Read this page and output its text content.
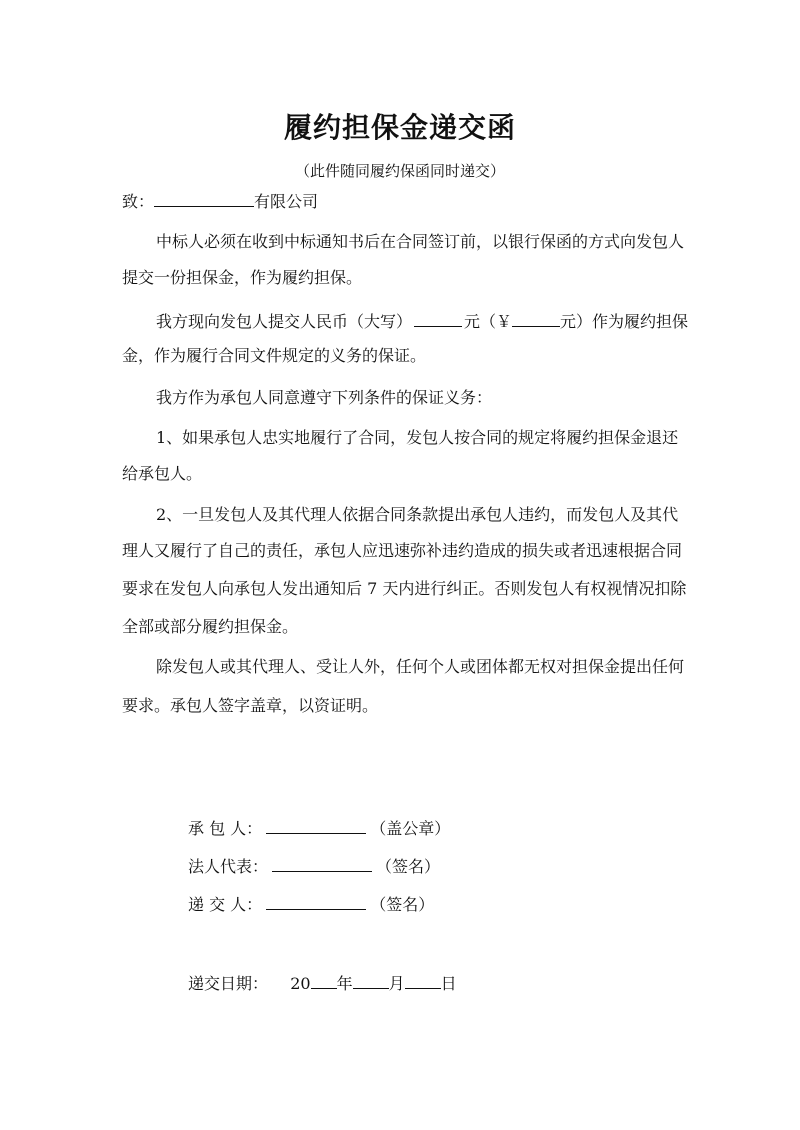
履约担保金递交函
（此件随同履约保函同时递交）
致：	有限公司
中标人必须在收到中标通知书后在合同签订前，以银行保函的方式向发包人
提交一份担保金，作为履约担保。
我方现向发包人提交人民币（大写）	元（￥	元）作为履约担保
金，作为履行合同文件规定的义务的保证。
我方作为承包人同意遵守下列条件的保证义务：
1、如果承包人忠实地履行了合同，发包人按合同的规定将履约担保金退还
给承包人。
2、一旦发包人及其代理人依据合同条款提出承包人违约，而发包人及其代
理人又履行了自己的责任，承包人应迅速弥补违约造成的损失或者迅速根据合同
要求在发包人向承包人发出通知后 7 天内进行纠正。否则发包人有权视情况扣除
全部或部分履约担保金。
除发包人或其代理人、受让人外，任何个人或团体都无权对担保金提出任何
要求。承包人签字盖章，以资证明。
承 包 人：	（盖公章）
法人代表：	（签名）
递 交 人：	（签名）
递交日期： 20 年 月 日
